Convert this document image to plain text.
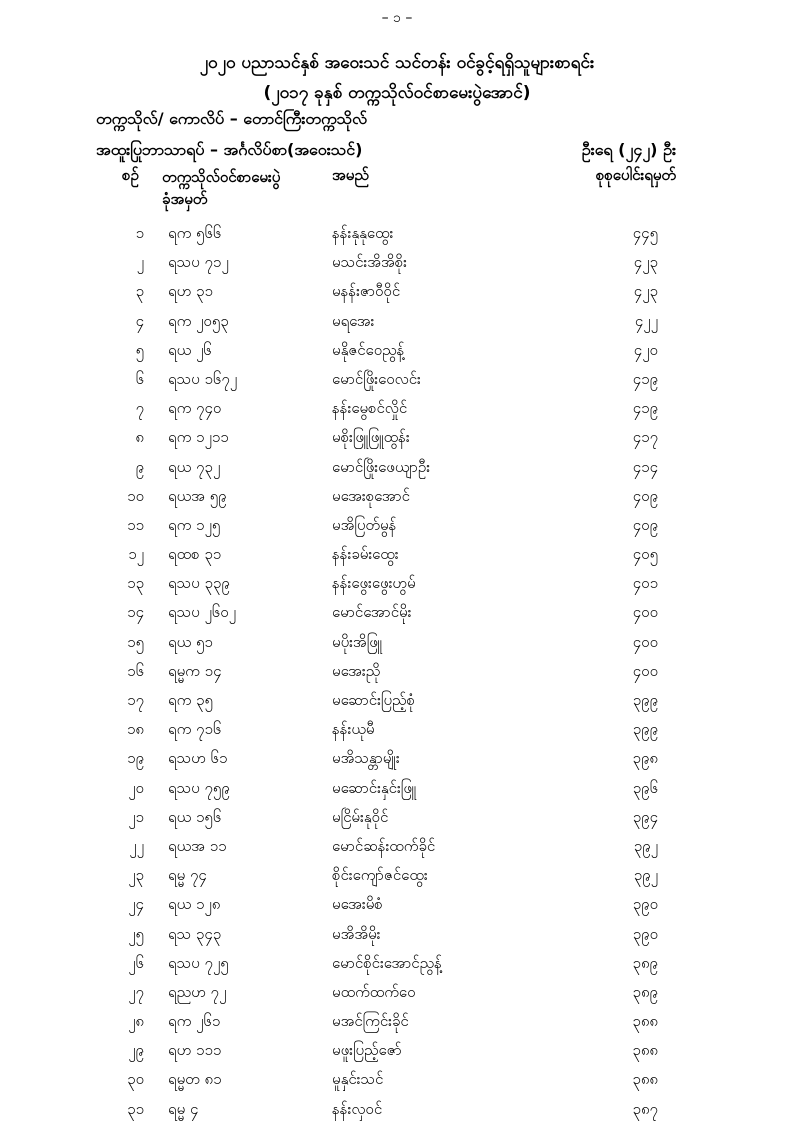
– ၁ –
၂၀၂၀ ပညာသင်နှစ် အဝေးသင် သင်တန်း ဝင်ခွင့်ရရှိသူများစာရင်း
(၂၀၁၇ ခုနှစ် တက္ကသိုလ်ဝင်စာမေးပွဲအောင်)
တက္ကသိုလ်/ ကောလိပ် – ‌တောင်ကြီးတက္ကသိုလ်
အထူးပြုဘာသာရပ် – အင်္ဂလိပ်စာ(အဝေးသင်)	ဦးရေ (၂၄၂) ဦး
စဉ် တက္ကသိုလ်ဝင်စာမေးပွဲ
ခုံအမှတ်
အမည်	စုစုပေါင်းရမှတ်
၁ ရက ၅၆၆	နန်းနုနုထွေး	၄၄၅
၂ ရသပ ၇၁၂	မသင်းအိအိစိုး	၄၂၃
၃ ရဟ ၃၁	မနန်းဇာဝီဝိုင်	၄၂၃
၄ ရက ၂၀၅၃	မရအေး	၄၂၂
၅ ရယ ၂၆	မနိုဇင်ဝေညွန့်	၄၂၀
၆ ရသပ ၁၆၇၂	မောင်ဖြိုးဝေလင်း	၄၁၉
၇ ရက ၇၄၀	နန်းမွေစင်လှိုင်	၄၁၉
၈ ရက ၁၂၁၁	မစိုးဖြူဖြူထွန်း	၄၁၇
၉ ရယ ၇၃၂	မောင်ဖြိုးဖေယျာဦး	၄၁၄
၁၀ ရယအ ၅၉	မအေးစုအောင်	၄၀၉
၁၁ ရက ၁၂၅	မအိပြတ်မွန်	၄၀၉
၁၂ ရထစ ၃၁	နန်းခမ်းထွေး	၄၀၅
၁၃ ရသပ ၃၃၉	နန်းဖွေးဖွေးဟွမ်	၄၀၁
၁၄ ရသပ ၂၆၀၂	မောင်အောင်မိုး	၄၀၀
၁၅ ရယ ၅၁	မပိုးအိဖြူ	၄၀၀
၁၆ ရမ္မက ၁၄	မအေးညို	၄၀၀
၁၇ ရက ၃၅	မဆောင်းပြည့်စုံ	၃၉၉
၁၈ ရက ၇၁၆	နန်းယုမီ	၃၉၉
၁၉ ရသဟ ၆၁	မအိသန္တာမျိုး	၃၉၈
၂၀ ရသပ ၇၅၉	မဆောင်းနှင်းဖြူ	၃၉၆
၂၁ ရယ ၁၅၆	မငြိမ်းနုဝိုင်	၃၉၄
၂၂ ရယအ ၁၁	မောင်ဆန်းထက်ခိုင်	၃၉၂
၂၃ ရမ္မ ၇၄	စိုင်းကျော်ဇင်ထွေး	၃၉၂
၂၄ ရယ ၁၂၈	မအေးမိစံ	၃၉၀
၂၅ ရသ ၃၄၃	မအိအိမိုး	၃၉၀
၂၆ ရသပ ၇၂၅	မောင်စိုင်းအောင်ညွန့်	၃၈၉
၂၇ ရညဟ ၇၂	မထက်ထက်ဝေ	၃၈၉
၂၈ ရက ၂၆၁	မအင်ကြင်းခိုင်	၃၈၈
၂၉ ရဟ ၁၁၁	မဖူးပြည့်ဇော်	၃၈၈
၃၀ ရမ္မတ ၈၁	မူနှင်းသင်	၃၈၈
၃၁ ရမ္မ ၄	နန်းလှဝင်	၃၈၇
